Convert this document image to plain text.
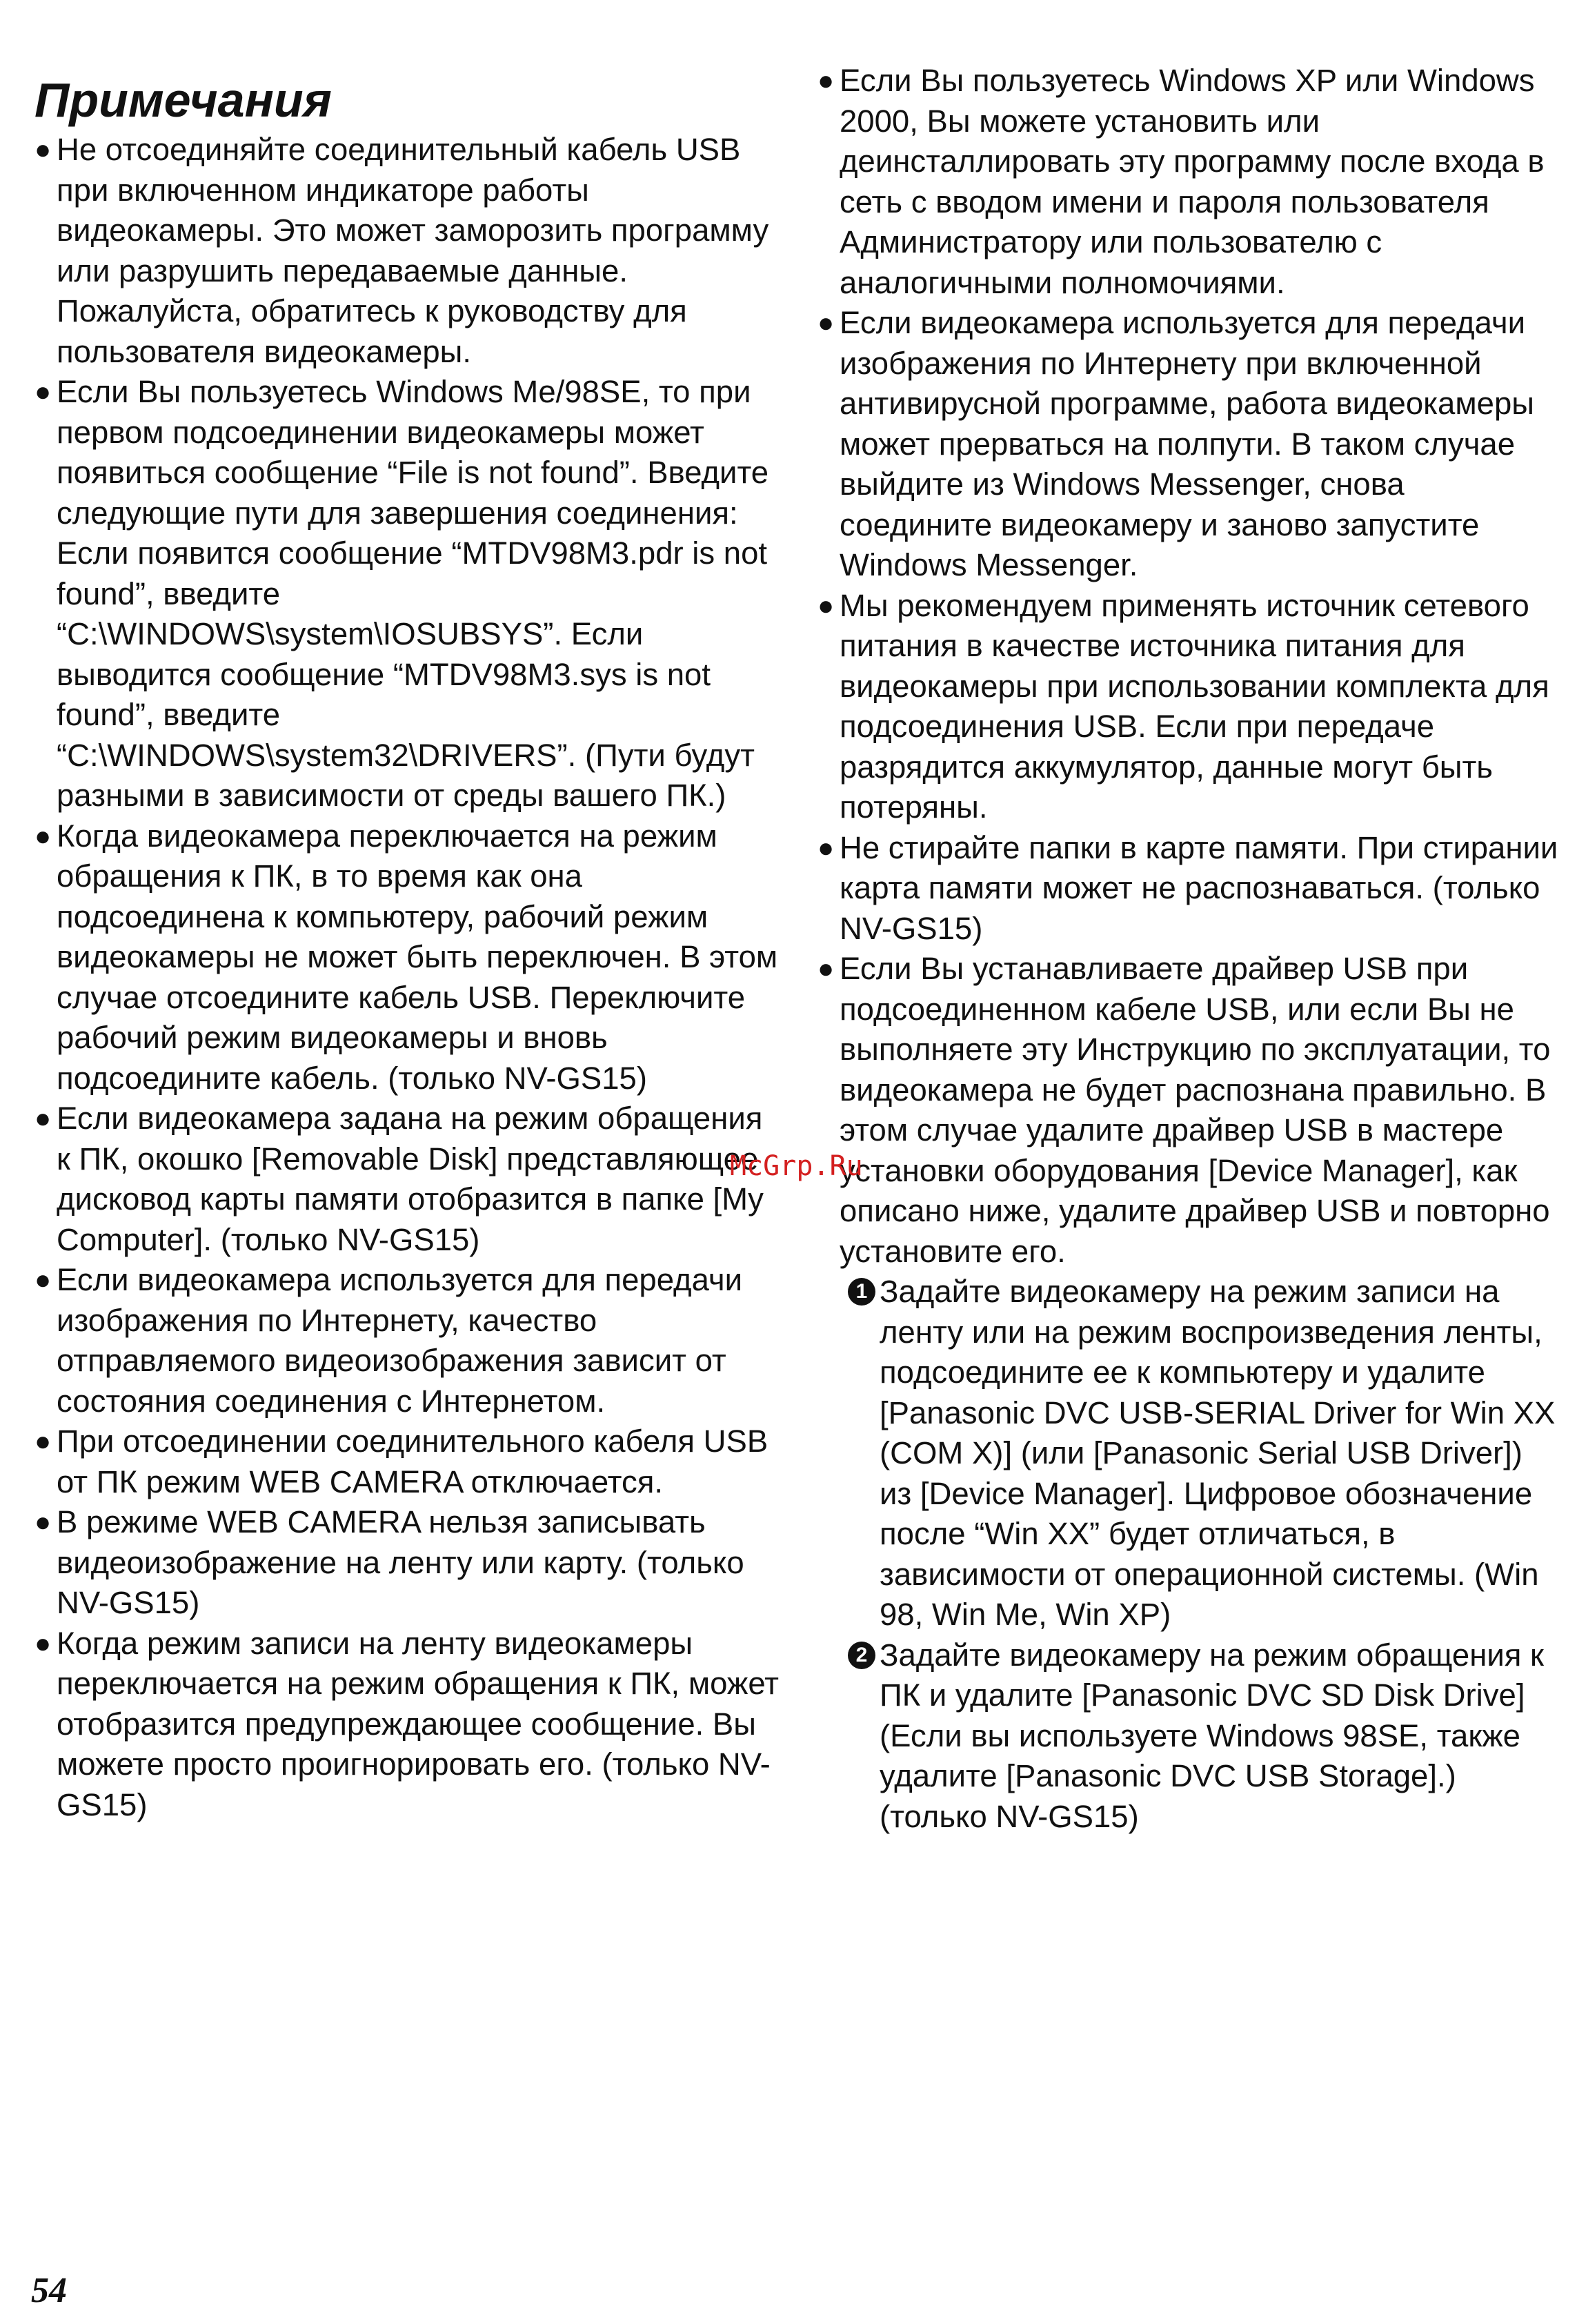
Примечания
● Не отсоединяйте соединительный кабель USB при включенном индикаторе работы видеокамеры. Это может заморозить программу или разрушить передаваемые данные. Пожалуйста, обратитесь к руководству для пользователя видеокамеры.
● Если Вы пользуетесь Windows Me/98SE, то при первом подсоединении видеокамеры может появиться сообщение “File is not found”. Введите следующие пути для завершения соединения: Если появится сообщение “MTDV98M3.pdr is not found”, введите “C:\WINDOWS\system\IOSUBSYS”. Если выводится сообщение “MTDV98M3.sys is not found”, введите “C:\WINDOWS\system32\DRIVERS”. (Пути будут разными в зависимости от среды вашего ПК.)
● Когда видеокамера переключается на режим обращения к ПК, в то время как она подсоединена к компьютеру, рабочий режим видеокамеры не может быть переключен. В этом случае отсоедините кабель USB. Переключите рабочий режим видеокамеры и вновь подсоедините кабель. (только NV-GS15)
● Если видеокамера задана на режим обращения к ПК, окошко [Removable Disk] представляющее дисковод карты памяти отобразится в папке [My Computer]. (только NV-GS15)
● Если видеокамера используется для передачи изображения по Интернету, качество отправляемого видеоизображения зависит от состояния соединения с Интернетом.
● При отсоединении соединительного кабеля USB от ПК режим WEB CAMERA отключается.
● В режиме WEB CAMERA нельзя записывать видеоизображение на ленту или карту. (только NV-GS15)
● Когда режим записи на ленту видеокамеры переключается на режим обращения к ПК, может отобразится предупреждающее сообщение. Вы можете просто проигнорировать его. (только NV-GS15)
● Если Вы пользуетесь Windows XP или Windows 2000, Вы можете установить или деинсталлировать эту программу после входа в сеть с вводом имени и пароля пользователя Администратору или пользователю с аналогичными полномочиями.
● Если видеокамера используется для передачи изображения по Интернету при включенной антивирусной программе, работа видеокамеры может прерваться на полпути. В таком случае выйдите из Windows Messenger, снова соедините видеокамеру и заново запустите Windows Messenger.
● Мы рекомендуем применять источник сетевого питания в качестве источника питания для видеокамеры при использовании комплекта для подсоединения USB. Если при передаче разрядится аккумулятор, данные могут быть потеряны.
● Не стирайте папки в карте памяти. При стирании карта памяти может не распознаваться. (только NV-GS15)
● Если Вы устанавливаете драйвер USB при подсоединенном кабеле USB, или если Вы не выполняете эту Инструкцию по эксплуатации, то видеокамера не будет распознана правильно. В этом случае удалите драйвер USB в мастере установки оборудования [Device Manager], как описано ниже, удалите драйвер USB и повторно установите его.
1 Задайте видеокамеру на режим записи на ленту или на режим воспроизведения ленты, подсоедините ее к компьютеру и удалите [Panasonic DVC USB-SERIAL Driver for Win XX (COM X)] (или [Panasonic Serial USB Driver]) из [Device Manager]. Цифровое обозначение после “Win XX” будет отличаться, в зависимости от операционной системы. (Win 98, Win Me, Win XP)
2 Задайте видеокамеру на режим обращения к ПК и удалите [Panasonic DVC SD Disk Drive] (Если вы используете Windows 98SE, также удалите [Panasonic DVC USB Storage].) (только NV-GS15)
McGrp.Ru
54
